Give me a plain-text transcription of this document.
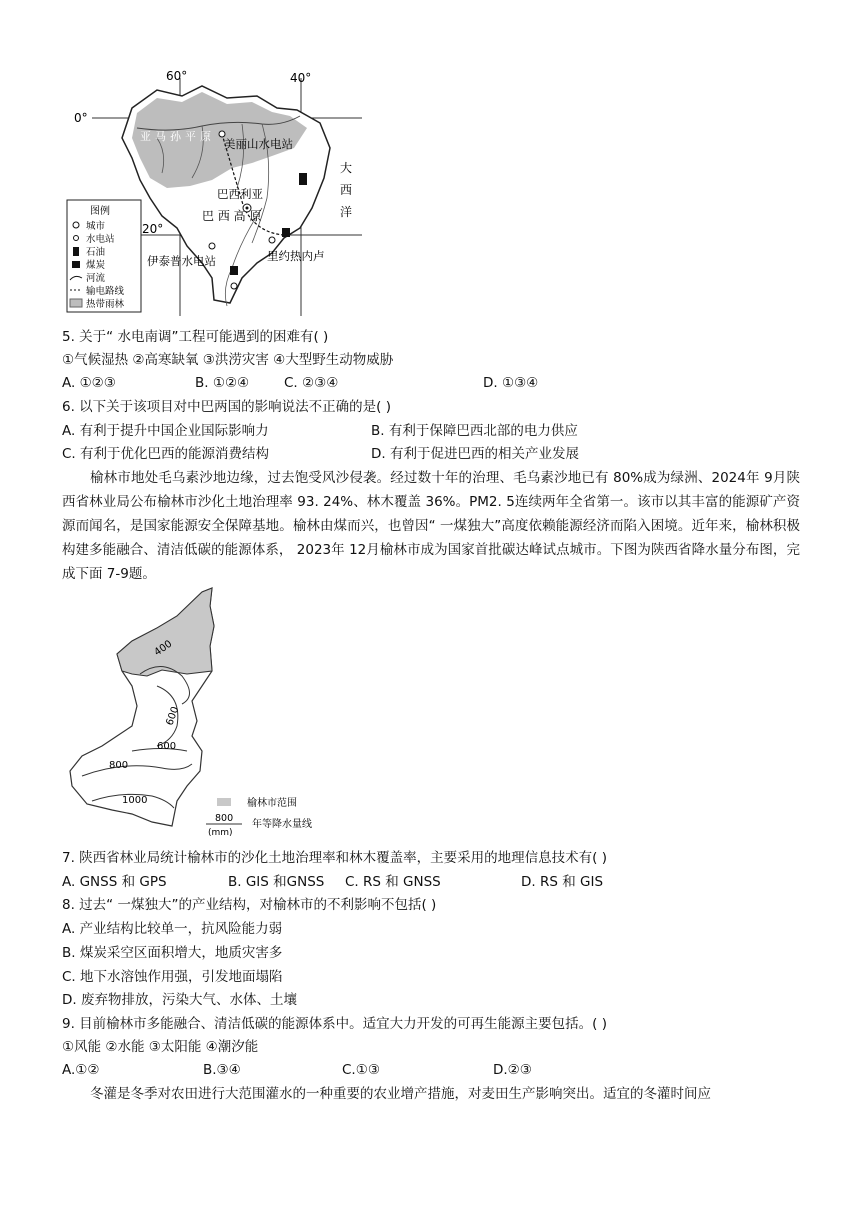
0°
20°
60°	40°
亚马孙平原
美丽山水电站
巴西利亚
巴 西 高 原
伊泰普水电站	里约热内卢
大
西
洋
图例
城市
水电站
石油
煤炭
河流
输电路线
热带雨林
5. 关于“ 水电南调”工程可能遇到的困难有( )
①气候湿热 ②高寒缺氧 ③洪涝灾害 ④大型野生动物威胁
A. ①②③	B. ①②④	C. ②③④	D. ①③④
6. 以下关于该项目对中巴两国的影响说法不正确的是( )
A. 有利于提升中国企业国际影响力	B. 有利于保障巴西北部的电力供应
C. 有利于优化巴西的能源消费结构	D. 有利于促进巴西的相关产业发展
榆林市地处毛乌素沙地边缘，过去饱受风沙侵袭。经过数十年的治理、毛乌素沙地已有 80%成为绿洲、2024年 9月陕西省林业局公布榆林市沙化土地治理率 93. 24%、林木覆盖 36%。PM2. 5连续两年全省第一。该市以其丰富的能源矿产资源而闻名，是国家能源安全保障基地。榆林由煤而兴，也曾因“ 一煤独大”高度依赖能源经济而陷入困境。近年来，榆林积极构建多能融合、清洁低碳的能源体系， 2023年 12月榆林市成为国家首批碳达峰试点城市。下图为陕西省降水量分布图，完成下面 7-9题。
400
600
600
800
1000	榆林市范围
800
(mm)
年等降水量线
7. 陕西省林业局统计榆林市的沙化土地治理率和林木覆盖率，主要采用的地理信息技术有( )
A. GNSS 和 GPS	B. GIS 和GNSS C. RS 和 GNSS	D. RS 和 GIS
8. 过去“ 一煤独大”的产业结构，对榆林市的不利影响不包括( )
A. 产业结构比较单一，抗风险能力弱
B. 煤炭采空区面积增大，地质灾害多
C. 地下水溶蚀作用强，引发地面塌陷
D. 废弃物排放，污染大气、水体、土壤
9. 目前榆林市多能融合、清洁低碳的能源体系中。适宜大力开发的可再生能源主要包括。( )
①风能 ②水能 ③太阳能 ④潮汐能
A.①②	B.③④	C.①③	D.②③
冬灌是冬季对农田进行大范围灌水的一种重要的农业增产措施，对麦田生产影响突出。适宜的冬灌时间应
